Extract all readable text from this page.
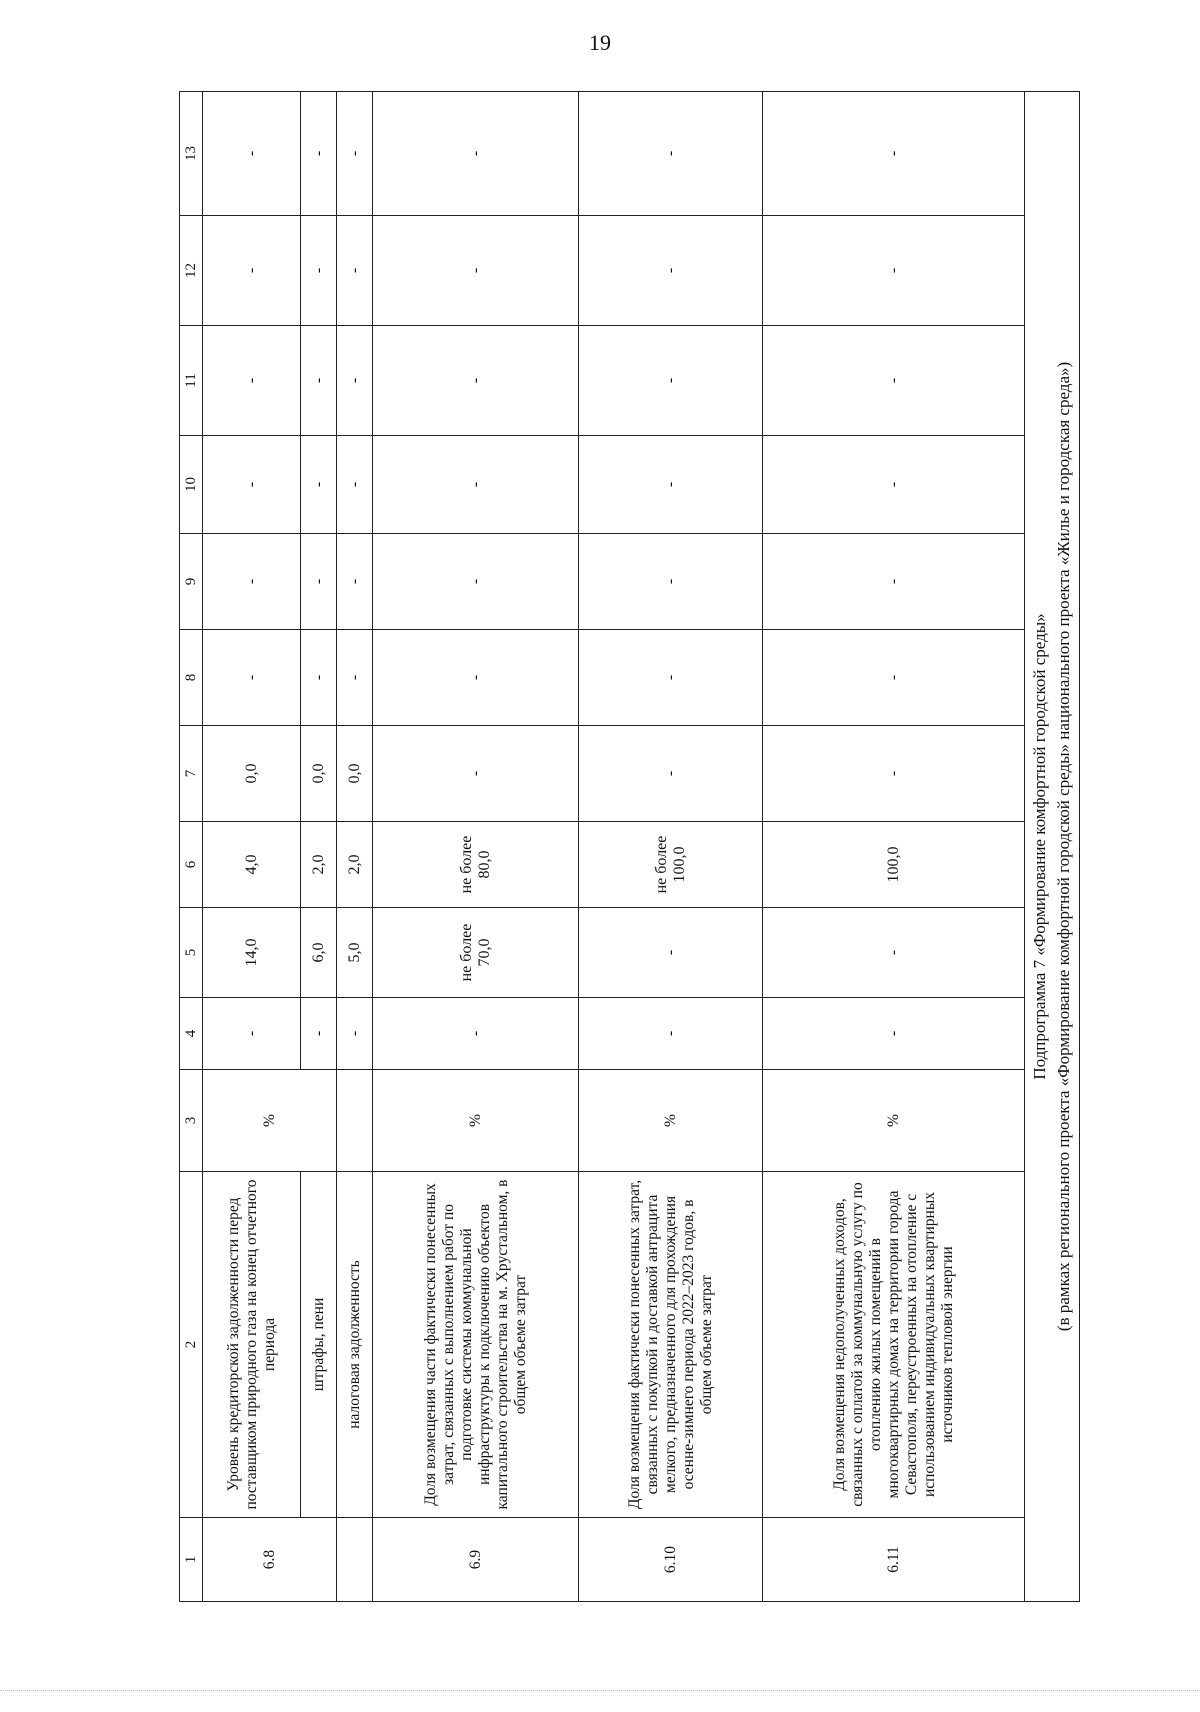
19
1	2	3	4	5	6	7	8	9	10	11	12	13
6.8	Уровень кредиторской задолженности перед поставщиком природного газа на конец отчетного периода	%	-	14,0	4,0	0,0	-	-	-	-	-	-
	штрафы, пени		-	6,0	2,0	0,0	-	-	-	-	-	-
	налоговая задолженность		-	5,0	2,0	0,0	-	-	-	-	-	-
6.9	Доля возмещения части фактически понесенных затрат, связанных с выполнением работ по подготовке системы коммунальной инфраструктуры к подключению объектов капитального строительства на м. Хрустальном, в общем объеме затрат	%	-	не более 70,0	не более 80,0	-	-	-	-	-	-	-
6.10	Доля возмещения фактически понесенных затрат, связанных с покупкой и доставкой антрацита мелкого, предназначенного для прохождения осенне-зимнего периода 2022–2023 годов, в общем объеме затрат	%	-	-	не более 100,0	-	-	-	-	-	-	-
6.11	Доля возмещения недополученных доходов, связанных с оплатой за коммунальную услугу по отоплению жилых помещений в многоквартирных домах на территории города Севастополя, переустроенных на отопление с использованием индивидуальных квартирных источников тепловой энергии	%	-	-	100,0	-	-	-	-	-	-	-

Подпрограмма 7 «Формирование комфортной городской среды» (в рамках регионального проекта «Формирование комфортной городской среды» национального проекта «Жилье и городская среда»)												
